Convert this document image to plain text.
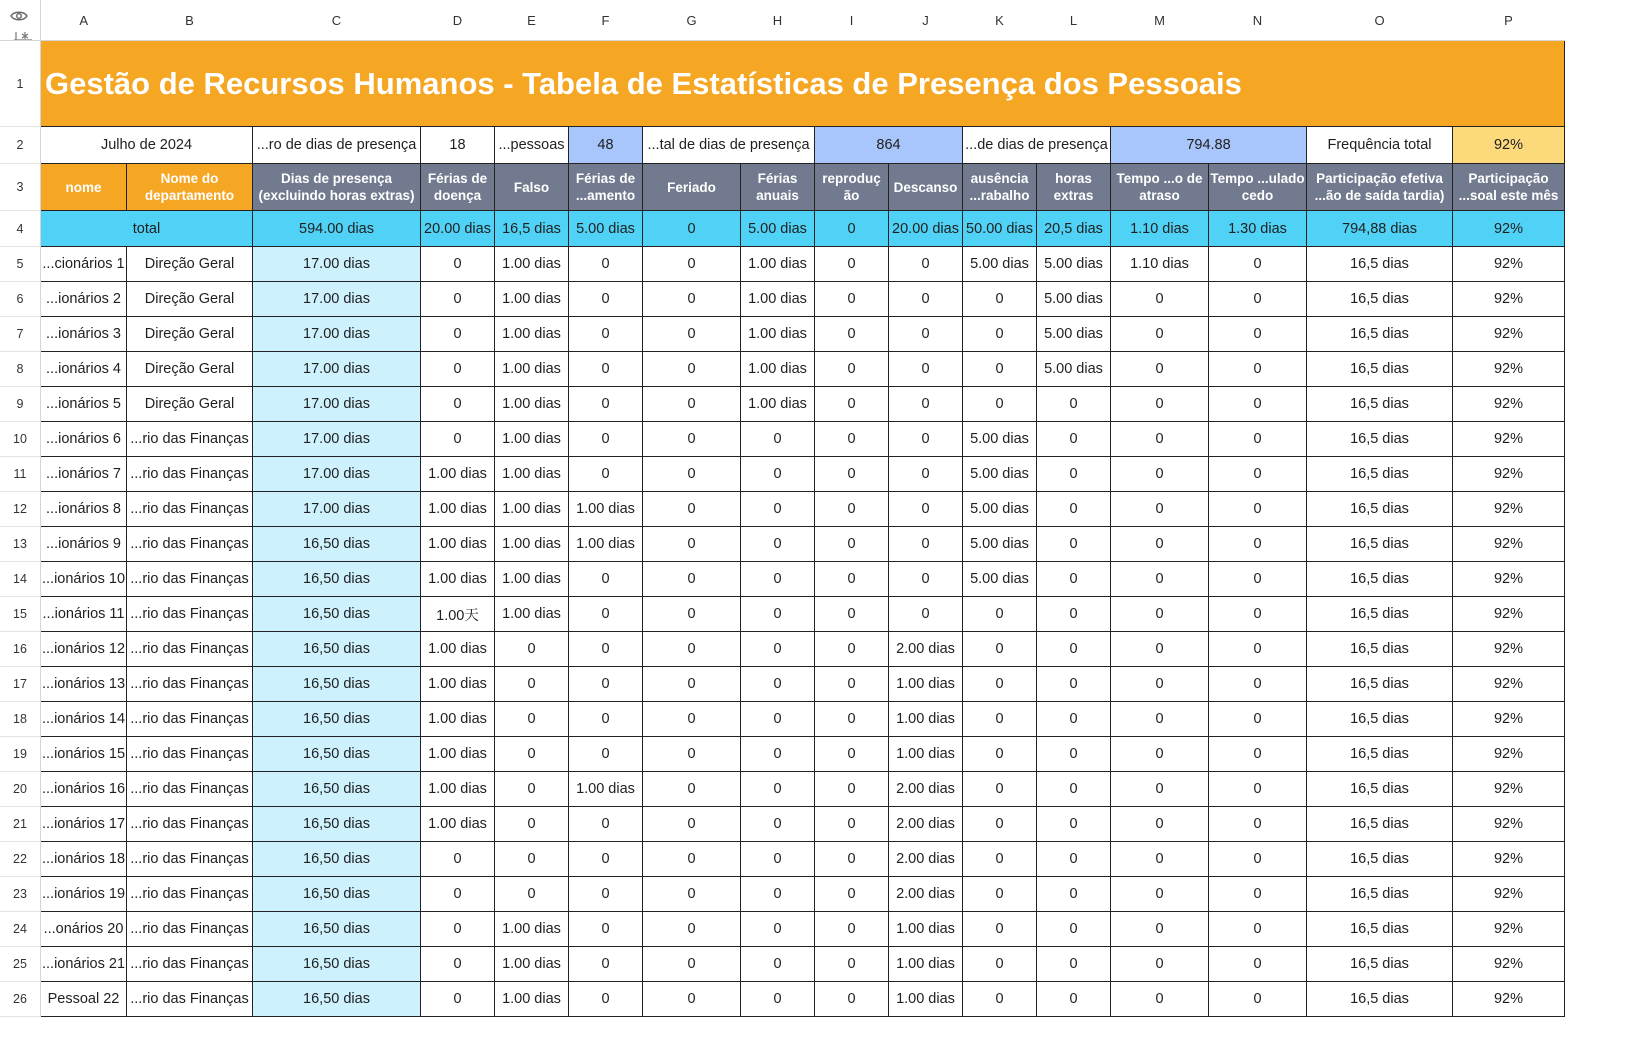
	A	B	C	D	E	F	G	H	I	J	K	L	M	N	O	P
1	Gestão de Recursos Humanos - Tabela de Estatísticas de Presença dos Pessoais															
2	Julho de 2024		...ro de dias de presença	18	...pessoas	48	...tal de dias de presença		864		...de dias de presença		794.88		Frequência total	92%
3	nome	Nome do departamento	Dias de presença (excluindo horas extras)	Férias de doença	Falso	Férias de ...amento	Feriado	Férias anuais	reproduç ão	Descanso	ausência ...rabalho	horas extras	Tempo ...o de atraso	Tempo ...ulado cedo	Participação efetiva ...ão de saída tardia)	Participação ...soal este mês
4	total		594.00 dias	20.00 dias	16,5 dias	5.00 dias	0	5.00 dias	0	20.00 dias	50.00 dias	20,5 dias	1.10 dias	1.30 dias	794,88 dias	92%
5	...cionários 1	Direção Geral	17.00 dias	0	1.00 dias	0	0	1.00 dias	0	0	5.00 dias	5.00 dias	1.10 dias	0	16,5 dias	92%
6	...ionários 2	Direção Geral	17.00 dias	0	1.00 dias	0	0	1.00 dias	0	0	0	5.00 dias	0	0	16,5 dias	92%
7	...ionários 3	Direção Geral	17.00 dias	0	1.00 dias	0	0	1.00 dias	0	0	0	5.00 dias	0	0	16,5 dias	92%
8	...ionários 4	Direção Geral	17.00 dias	0	1.00 dias	0	0	1.00 dias	0	0	0	5.00 dias	0	0	16,5 dias	92%
9	...ionários 5	Direção Geral	17.00 dias	0	1.00 dias	0	0	1.00 dias	0	0	0	0	0	0	16,5 dias	92%
10	...ionários 6	...rio das Finanças	17.00 dias	0	1.00 dias	0	0	0	0	0	5.00 dias	0	0	0	16,5 dias	92%
11	...ionários 7	...rio das Finanças	17.00 dias	1.00 dias	1.00 dias	0	0	0	0	0	5.00 dias	0	0	0	16,5 dias	92%
12	...ionários 8	...rio das Finanças	17.00 dias	1.00 dias	1.00 dias	1.00 dias	0	0	0	0	5.00 dias	0	0	0	16,5 dias	92%
13	...ionários 9	...rio das Finanças	16,50 dias	1.00 dias	1.00 dias	1.00 dias	0	0	0	0	5.00 dias	0	0	0	16,5 dias	92%
14	...ionários 10	...rio das Finanças	16,50 dias	1.00 dias	1.00 dias	0	0	0	0	0	5.00 dias	0	0	0	16,5 dias	92%
15	...ionários 11	...rio das Finanças	16,50 dias	1.00天	1.00 dias	0	0	0	0	0	0	0	0	0	16,5 dias	92%
16	...ionários 12	...rio das Finanças	16,50 dias	1.00 dias	0	0	0	0	0	2.00 dias	0	0	0	0	16,5 dias	92%
17	...ionários 13	...rio das Finanças	16,50 dias	1.00 dias	0	0	0	0	0	1.00 dias	0	0	0	0	16,5 dias	92%
18	...ionários 14	...rio das Finanças	16,50 dias	1.00 dias	0	0	0	0	0	1.00 dias	0	0	0	0	16,5 dias	92%
19	...ionários 15	...rio das Finanças	16,50 dias	1.00 dias	0	0	0	0	0	1.00 dias	0	0	0	0	16,5 dias	92%
20	...ionários 16	...rio das Finanças	16,50 dias	1.00 dias	0	1.00 dias	0	0	0	2.00 dias	0	0	0	0	16,5 dias	92%
21	...ionários 17	...rio das Finanças	16,50 dias	1.00 dias	0	0	0	0	0	2.00 dias	0	0	0	0	16,5 dias	92%
22	...ionários 18	...rio das Finanças	16,50 dias	0	0	0	0	0	0	2.00 dias	0	0	0	0	16,5 dias	92%
23	...ionários 19	...rio das Finanças	16,50 dias	0	0	0	0	0	0	2.00 dias	0	0	0	0	16,5 dias	92%
24	...onários 20	...rio das Finanças	16,50 dias	0	1.00 dias	0	0	0	0	1.00 dias	0	0	0	0	16,5 dias	92%
25	...ionários 21	...rio das Finanças	16,50 dias	0	1.00 dias	0	0	0	0	1.00 dias	0	0	0	0	16,5 dias	92%
26	Pessoal 22	...rio das Finanças	16,50 dias	0	1.00 dias	0	0	0	0	1.00 dias	0	0	0	0	16,5 dias	92%
